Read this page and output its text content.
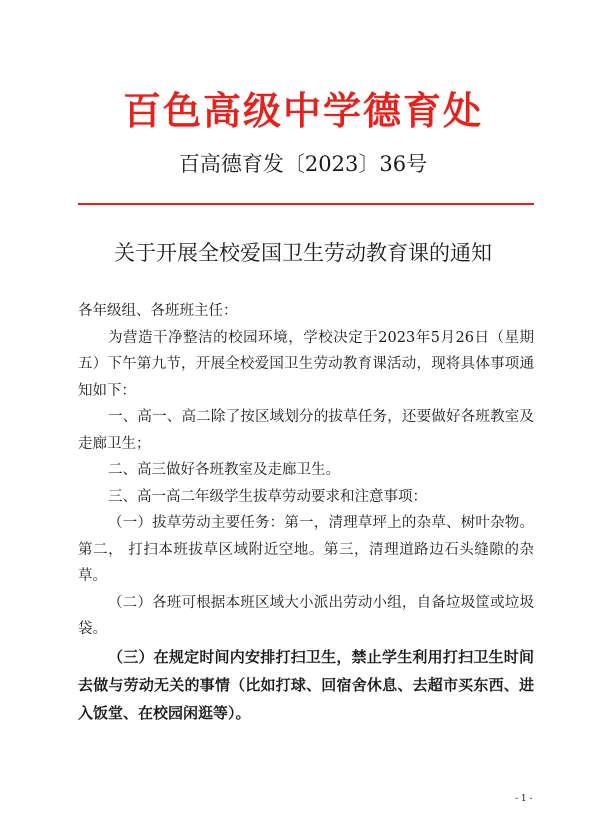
百色高级中学德育处
百高德育发〔2023〕36号
关于开展全校爱国卫生劳动教育课的通知

各年级组、各班班主任：

为营造干净整洁的校园环境，学校决定于2023年5月26日（星期五）下午第九节，开展全校爱国卫生劳动教育课活动，现将具体事项通知如下：

一、高一、高二除了按区域划分的拔草任务，还要做好各班教室及走廊卫生；

二、高三做好各班教室及走廊卫生。

三、高一高二年级学生拔草劳动要求和注意事项：

（一）拔草劳动主要任务：第一，清理草坪上的杂草、树叶杂物。第二， 打扫本班拔草区域附近空地。第三，清理道路边石头缝隙的杂草。

（二）各班可根据本班区域大小派出劳动小组，自备垃圾筐或垃圾袋。

（三）在规定时间内安排打扫卫生，禁止学生利用打扫卫生时间去做与劳动无关的事情（比如打球、回宿舍休息、去超市买东西、进入饭堂、在校园闲逛等）。

- 1 -
